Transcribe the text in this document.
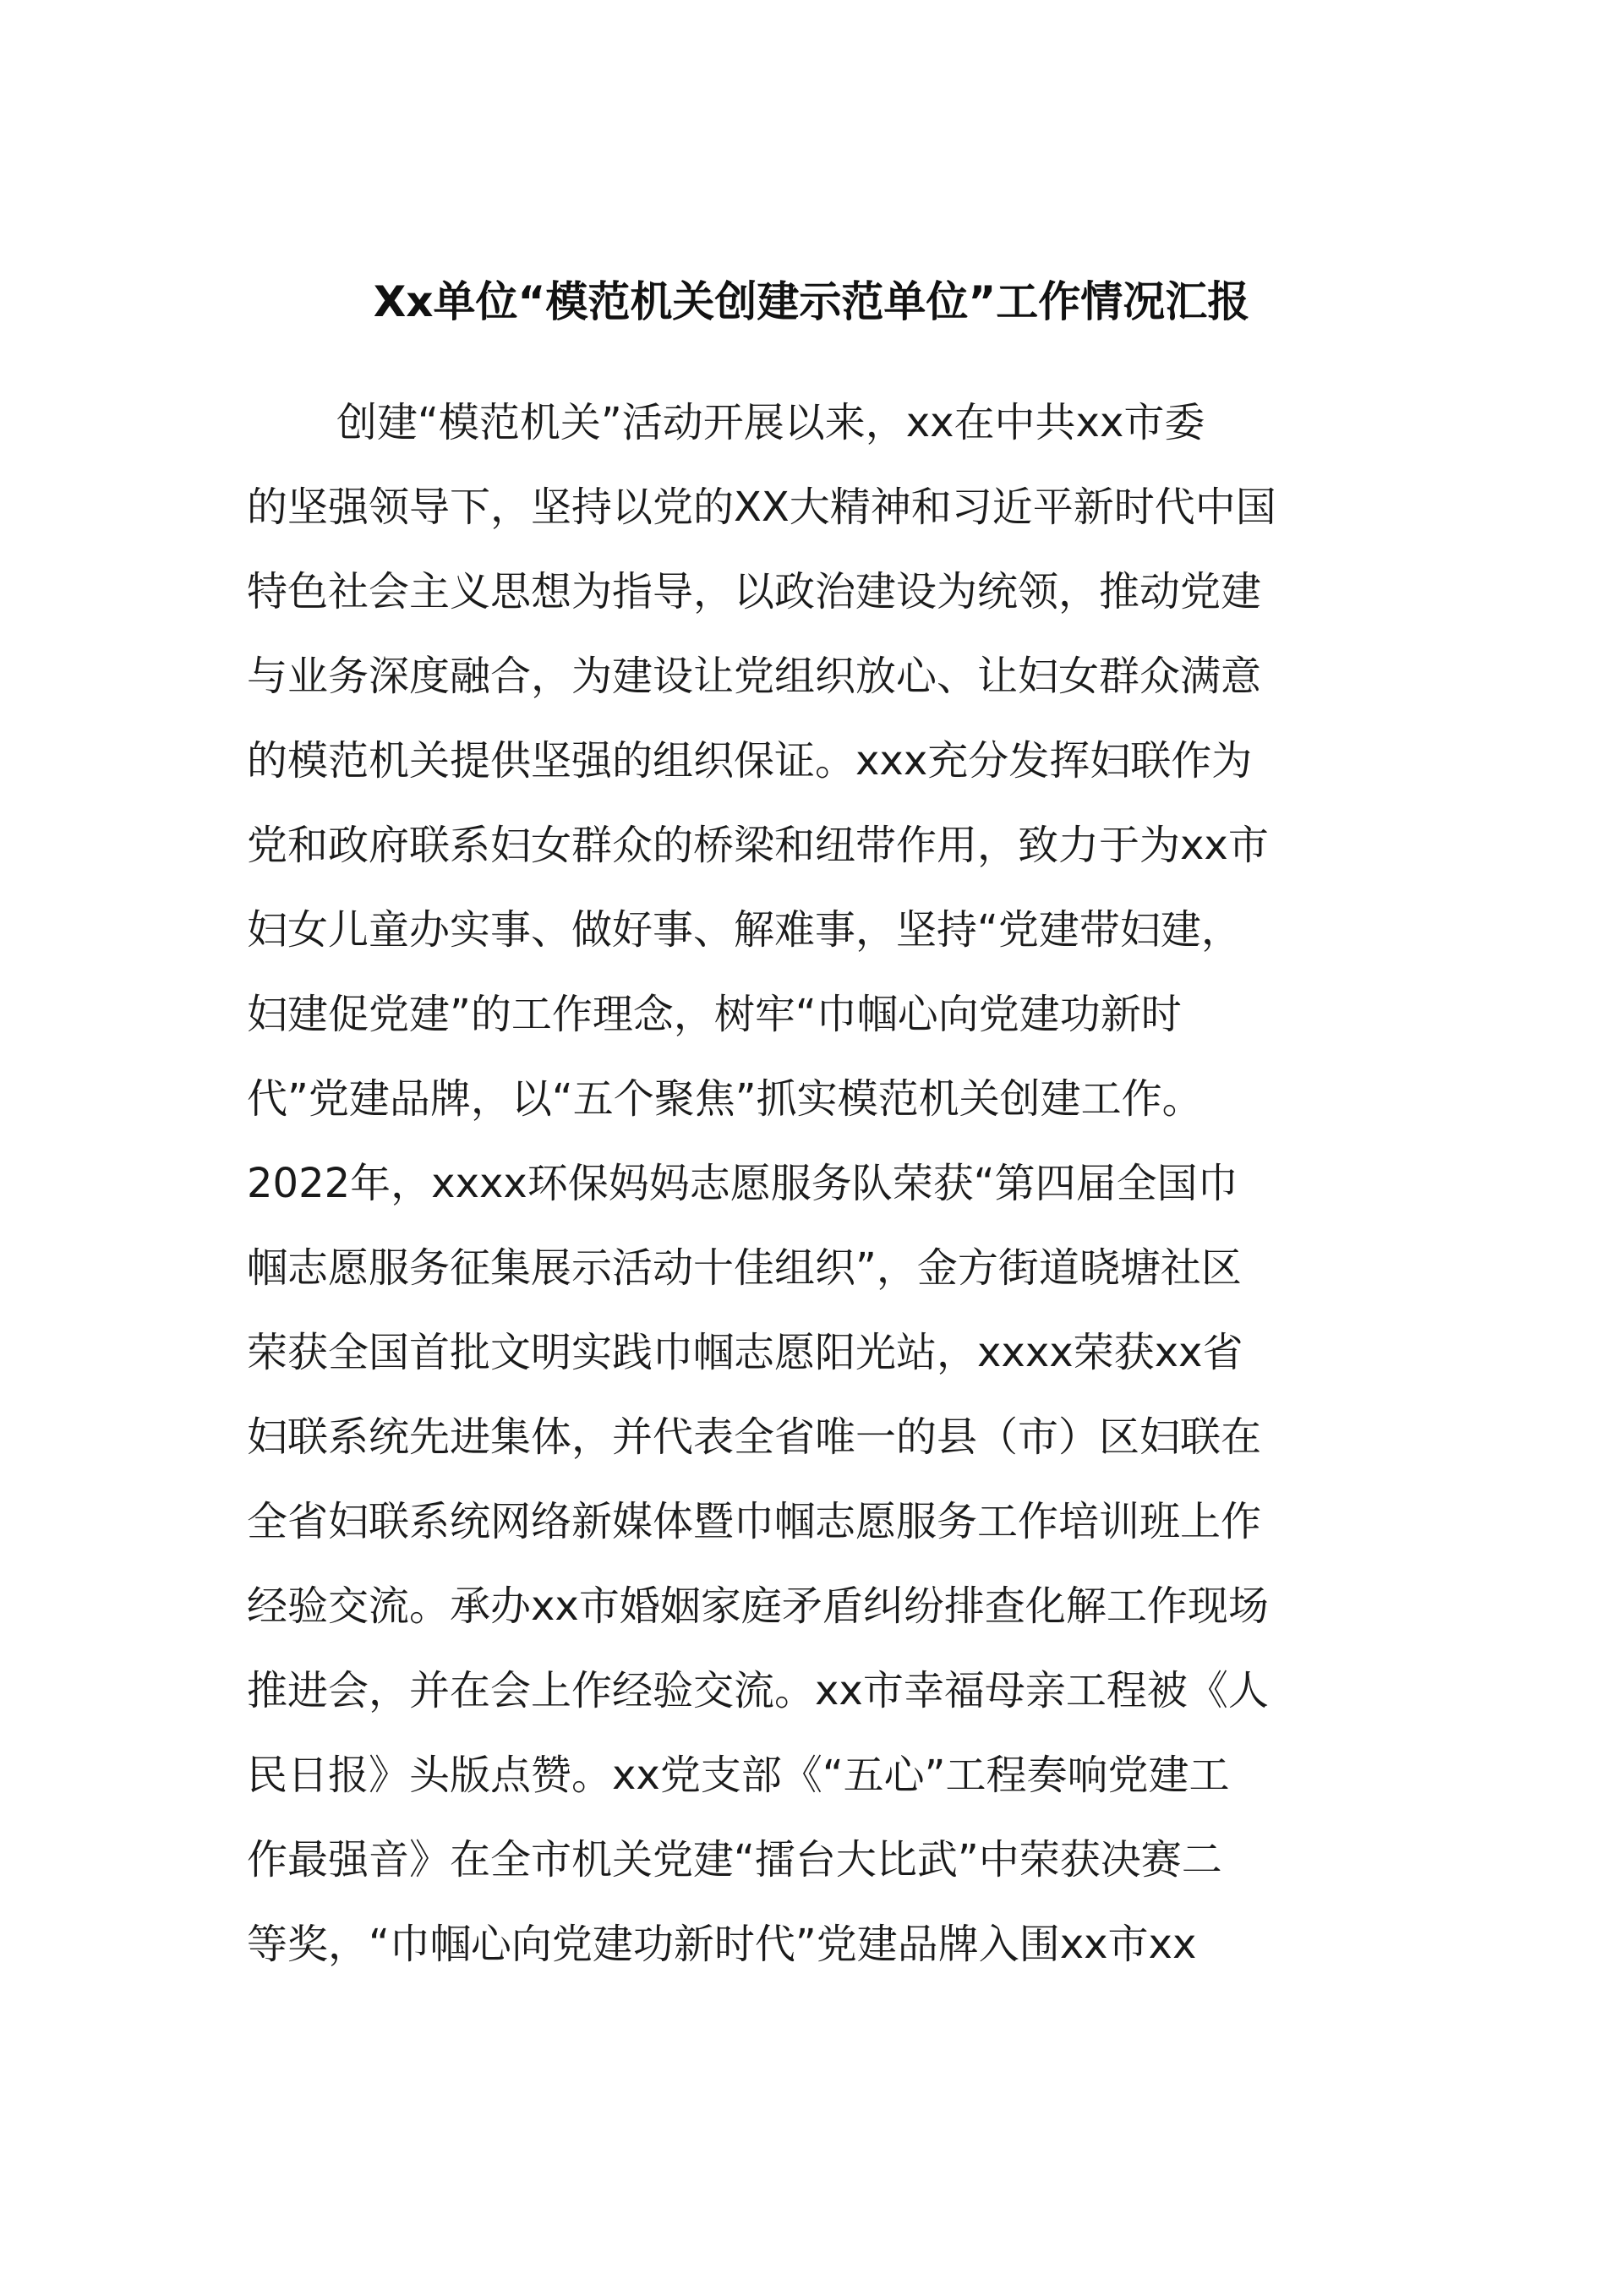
Xx单位“模范机关创建示范单位”工作情况汇报
创建“模范机关”活动开展以来，xx在中共xx市委
的坚强领导下，坚持以党的XX大精神和习近平新时代中国
特色社会主义思想为指导，以政治建设为统领，推动党建
与业务深度融合，为建设让党组织放心、让妇女群众满意
的模范机关提供坚强的组织保证。xxx充分发挥妇联作为
党和政府联系妇女群众的桥梁和纽带作用，致力于为xx市
妇女儿童办实事、做好事、解难事，坚持“党建带妇建，
妇建促党建”的工作理念，树牢“巾帼心向党建功新时
代”党建品牌，以“五个聚焦”抓实模范机关创建工作。
2022年，xxxx环保妈妈志愿服务队荣获“第四届全国巾
帼志愿服务征集展示活动十佳组织”，金方街道晓塘社区
荣获全国首批文明实践巾帼志愿阳光站，xxxx荣获xx省
妇联系统先进集体，并代表全省唯一的县（市）区妇联在
全省妇联系统网络新媒体暨巾帼志愿服务工作培训班上作
经验交流。承办xx市婚姻家庭矛盾纠纷排查化解工作现场
推进会，并在会上作经验交流。xx市幸福母亲工程被《人
民日报》头版点赞。xx党支部《“五心”工程奏响党建工
作最强音》在全市机关党建“擂台大比武”中荣获决赛二
等奖，“巾帼心向党建功新时代”党建品牌入围xx市xx
